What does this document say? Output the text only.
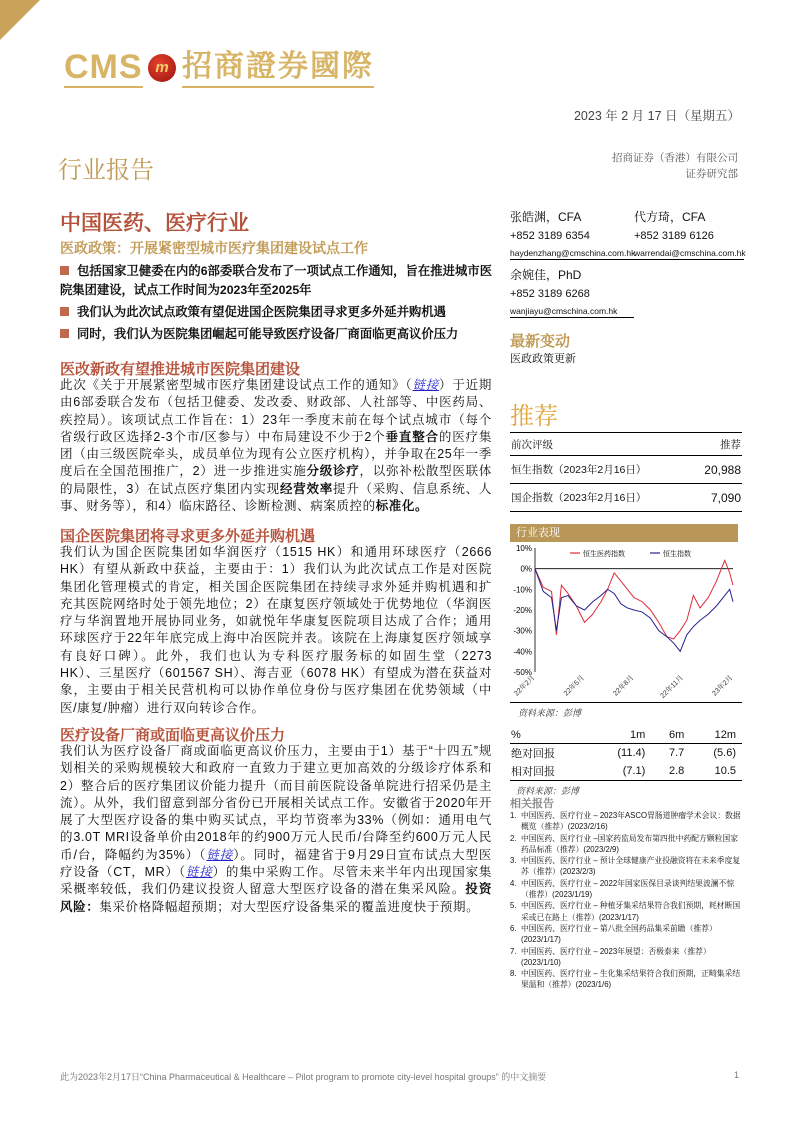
CMS m 招商證券國際
2023 年 2 月 17 日（星期五）
行业报告	招商证券（香港）有限公司
证券研究部
中国医药、医疗行业
医政政策：开展紧密型城市医疗集团建设试点工作
包括国家卫健委在内的6部委联合发布了一项试点工作通知，旨在推进城市医院集团建设，试点工作时间为2023年至2025年
我们认为此次试点政策有望促进国企医院集团寻求更多外延并购机遇
同时，我们认为医院集团崛起可能导致医疗设备厂商面临更高议价压力
医改新政有望推进城市医院集团建设
此次《关于开展紧密型城市医疗集团建设试点工作的通知》（链接）于近期由6部委联合发布（包括卫健委、发改委、财政部、人社部等、中医药局、疾控局）。该项试点工作旨在：1）23年一季度末前在每个试点城市（每个省级行政区选择2-3个市/区参与）中布局建设不少于2个垂直整合的医疗集团（由三级医院牵头，成员单位为现有公立医疗机构），并争取在25年一季度后在全国范围推广，2）进一步推进实施分级诊疗，以弥补松散型医联体的局限性，3）在试点医疗集团内实现经营效率提升（采购、信息系统、人事、财务等），和4）临床路径、诊断检测、病案质控的标准化。
国企医院集团将寻求更多外延并购机遇
我们认为国企医院集团如华润医疗（1515 HK）和通用环球医疗（2666 HK）有望从新政中获益，主要由于：1）我们认为此次试点工作是对医院集团化管理模式的肯定，相关国企医院集团在持续寻求外延并购机遇和扩充其医院网络时处于领先地位；2）在康复医疗领域处于优势地位（华润医疗与华润置地开展协同业务，如就悦年华康复医院项目达成了合作；通用环球医疗于22年年底完成上海中冶医院并表。该院在上海康复医疗领域享有良好口碑）。此外，我们也认为专科医疗服务标的如固生堂（2273 HK）、三星医疗（601567 SH）、海吉亚（6078 HK）有望成为潜在获益对象，主要由于相关民营机构可以协作单位身份与医疗集团在优势领域（中医/康复/肿瘤）进行双向转诊合作。
医疗设备厂商或面临更高议价压力
我们认为医疗设备厂商或面临更高议价压力，主要由于1）基于“十四五”规划相关的采购规模较大和政府一直致力于建立更加高效的分级诊疗体系和2）整合后的医疗集团议价能力提升（而目前医院设备单院进行招采仍是主流）。从外，我们留意到部分省份已开展相关试点工作。安徽省于2020年开展了大型医疗设备的集中购买试点，平均节资率为33%（例如：通用电气的3.0T MRI设备单价由2018年的约900万元人民币/台降至约600万元人民币/台，降幅约为35%）（链接）。同时，福建省于9月29日宣布试点大型医疗设备（CT，MR）（链接）的集中采购工作。尽管未来半年内出现国家集采概率较低，我们仍建议投资人留意大型医疗设备的潜在集采风险。投资风险：集采价格降幅超预期；对大型医疗设备集采的覆盖进度快于预期。
张皓渊，CFA
+852 3189 6354
haydenzhang@cmschina.com.hk
代方琦，CFA
+852 3189 6126
warrendai@cmschina.com.hk
余婉佳，PhD
+852 3189 6268
wanjiayu@cmschina.com.hk
最新变动
医政政策更新
推荐
前次评级	推荐
恒生指数（2023年2月16日）	20,988
国企指数（2023年2月16日）	7,090
行业表现
10%
0%
-10%
-20%
-30%
-40%
-50%
22年2月	22年5月	22年8月	22年11月	23年2月
恒生医药指数	恒生指数
资料来源：彭博
%	1m	6m	12m
绝对回报	(11.4)	7.7	(5.6)
相对回报	(7.1)	2.8	10.5
资料来源：彭博
相关报告
1. 中国医药、医疗行业 – 2023年ASCO胃肠道肿瘤学术会议：数据概览（推荐）(2023/2/16)
2. 中国医药、医疗行业 –国家药监局发布第四批中药配方颗粒国家药品标准（推荐）(2023/2/9)
3. 中国医药、医疗行业 – 预计全球健康产业投融资将在未来季度复苏（推荐）(2023/2/3)
4. 中国医药、医疗行业 – 2022年国家医保目录谈判结果波澜不惊（推荐）(2023/1/19)
5. 中国医药、医疗行业 – 种植牙集采结果符合我们预期，耗材断国采或已在路上（推荐）(2023/1/17)
6. 中国医药、医疗行业 – 第八批全国药品集采前瞻（推荐）(2023/1/17)
7. 中国医药、医疗行业 – 2023年展望：否极泰来（推荐）(2023/1/10)
8. 中国医药、医疗行业 – 生化集采结果符合我们预期，正畸集采结果温和（推荐）(2023/1/6)
此为2023年2月17日“China Pharmaceutical & Healthcare – Pilot program to promote city-level hospital groups” 的中文摘要	1
